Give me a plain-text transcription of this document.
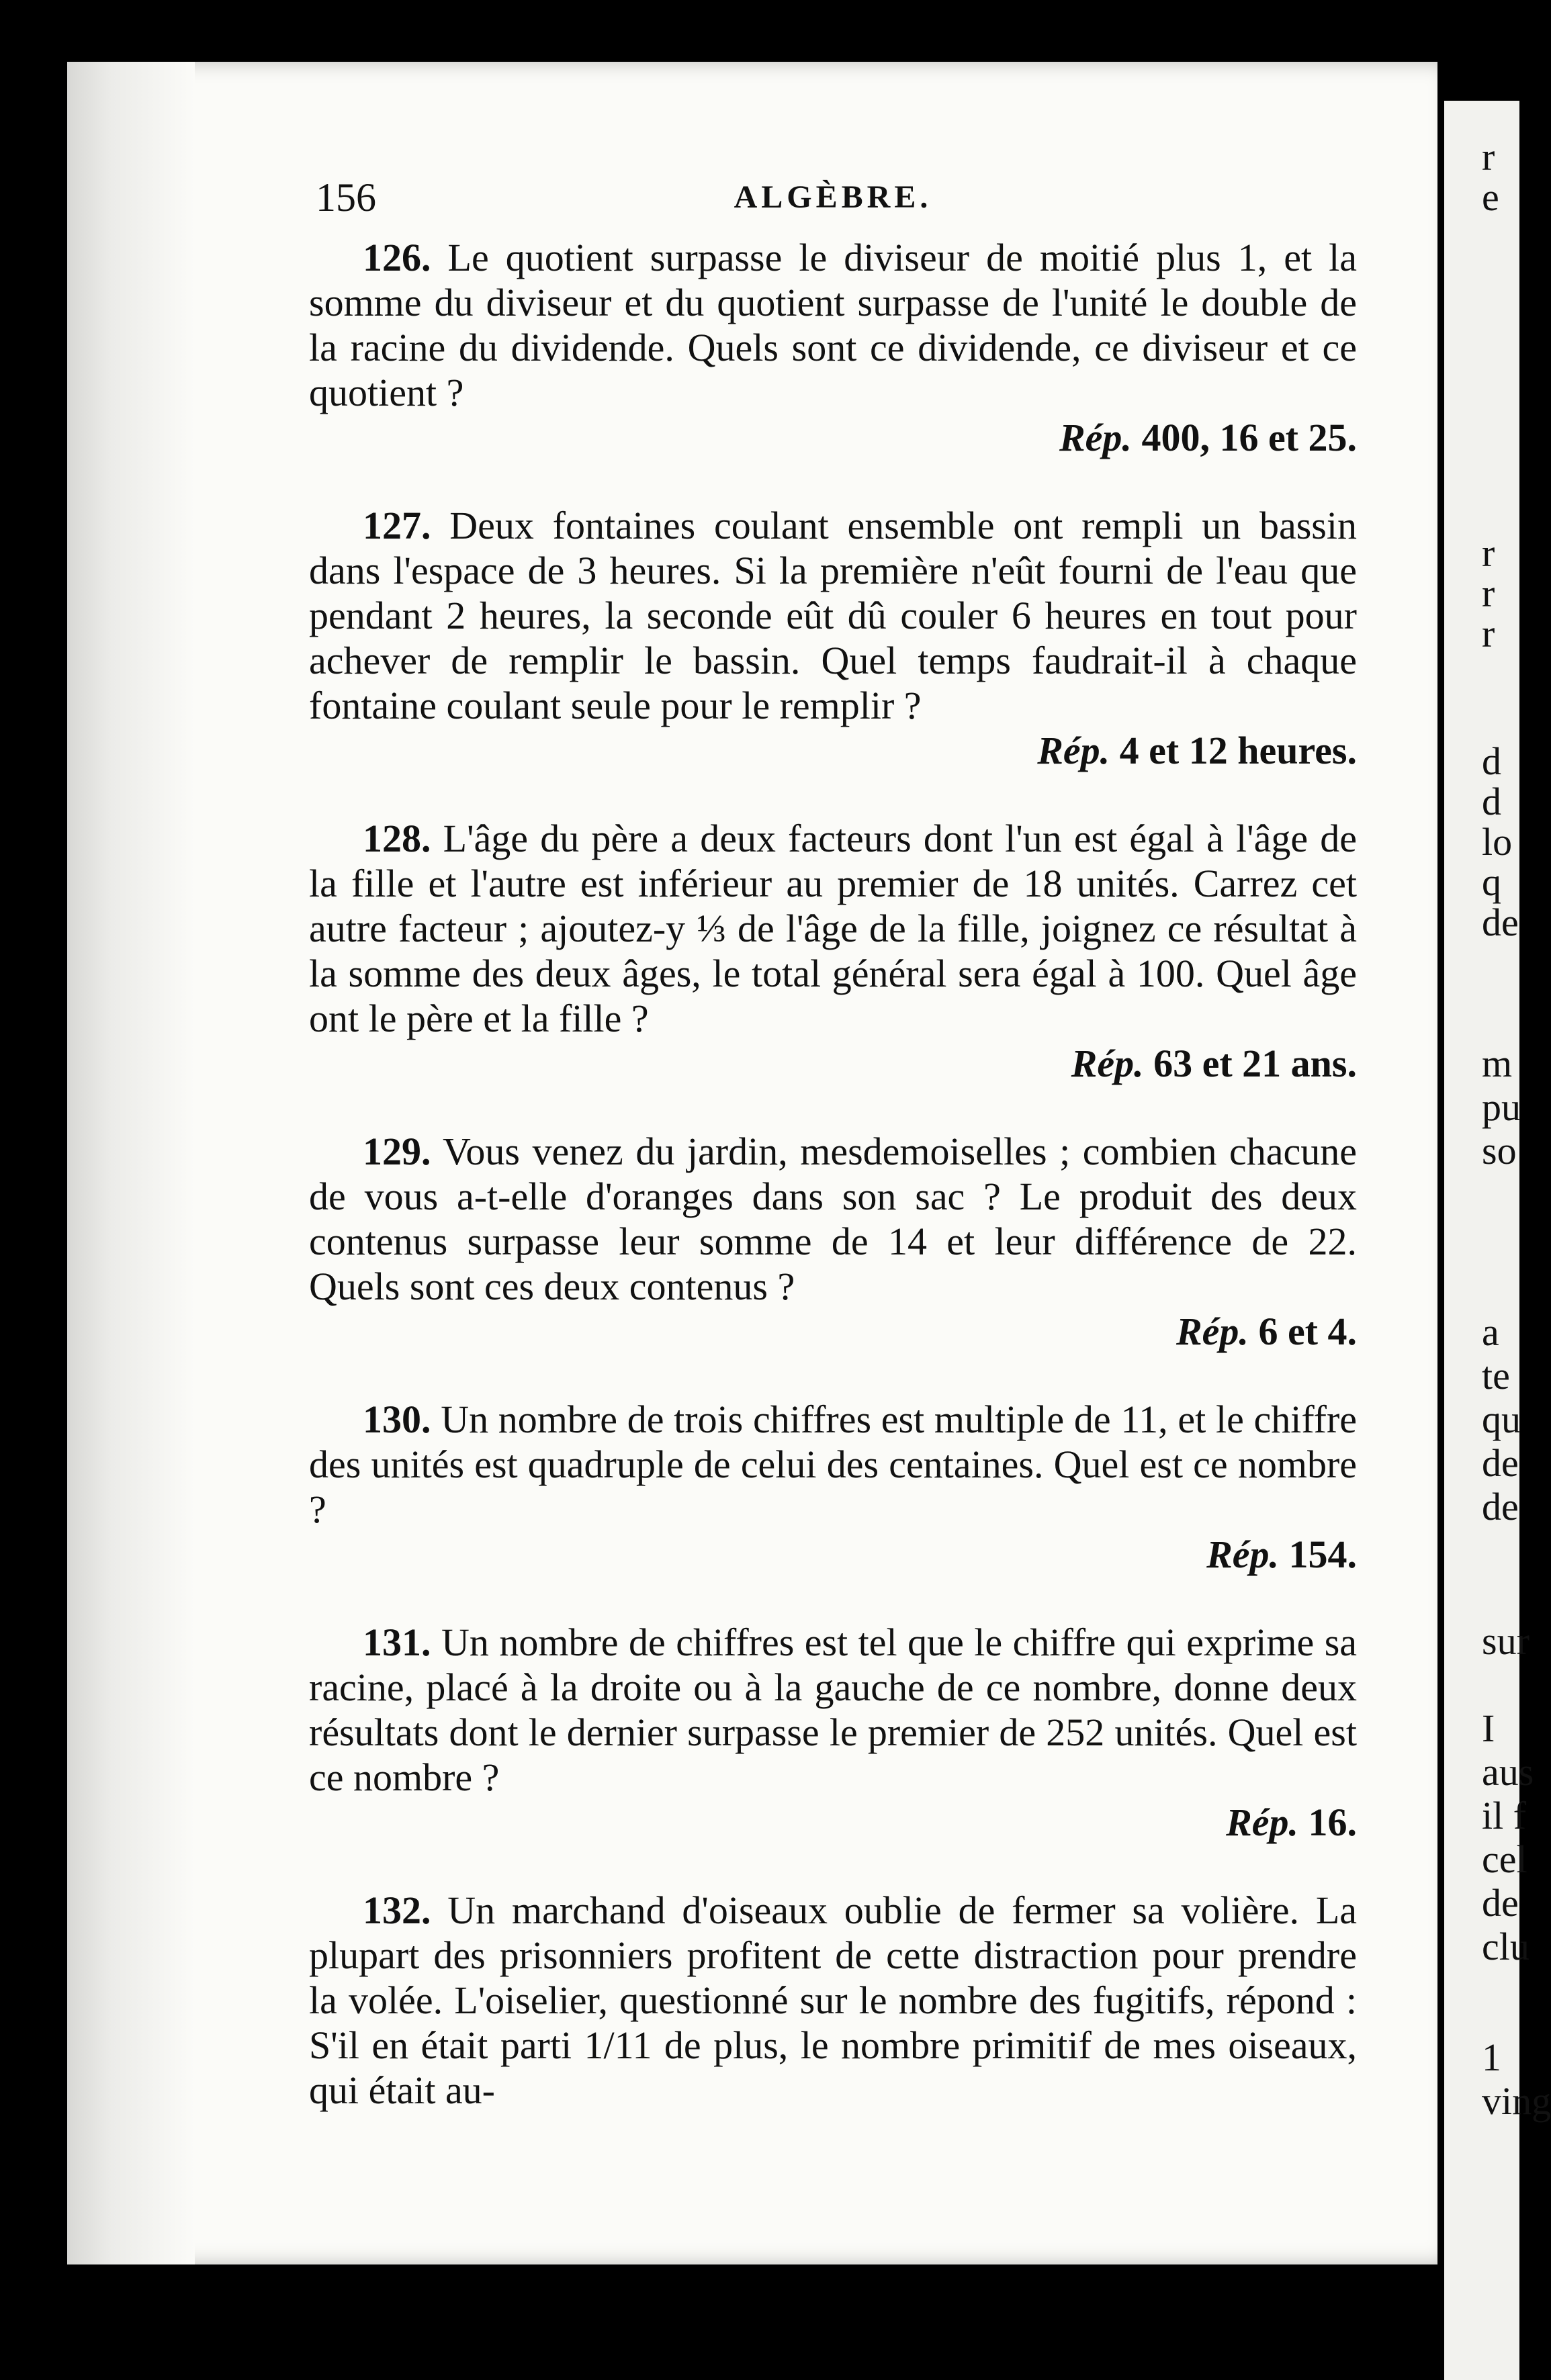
r
e
r
r
r
d
d
lo
q
de
m
pu
so
a
te
qu
de
de
sur
I
aus
il f
cel
de
clu
1
ving
156	ALGÈBRE.

126. Le quotient surpasse le diviseur de moitié plus 1, et la somme du diviseur et du quotient surpasse de l'unité le double de la racine du dividende. Quels sont ce dividende, ce diviseur et ce quotient ?
Rép. 400, 16 et 25.

127. Deux fontaines coulant ensemble ont rempli un bassin dans l'espace de 3 heures. Si la première n'eût fourni de l'eau que pendant 2 heures, la seconde eût dû couler 6 heures en tout pour achever de remplir le bassin. Quel temps faudrait-il à chaque fontaine coulant seule pour le remplir ?
Rép. 4 et 12 heures.

128. L'âge du père a deux facteurs dont l'un est égal à l'âge de la fille et l'autre est inférieur au premier de 18 unités. Carrez cet autre facteur ; ajoutez-y ⅓ de l'âge de la fille, joignez ce résultat à la somme des deux âges, le total général sera égal à 100. Quel âge ont le père et la fille ?
Rép. 63 et 21 ans.

129. Vous venez du jardin, mesdemoiselles ; combien chacune de vous a-t-elle d'oranges dans son sac ? Le produit des deux contenus surpasse leur somme de 14 et leur différence de 22. Quels sont ces deux contenus ?
Rép. 6 et 4.

130. Un nombre de trois chiffres est multiple de 11, et le chiffre des unités est quadruple de celui des centaines. Quel est ce nombre ?
Rép. 154.

131. Un nombre de chiffres est tel que le chiffre qui exprime sa racine, placé à la droite ou à la gauche de ce nombre, donne deux résultats dont le dernier surpasse le premier de 252 unités. Quel est ce nombre ?
Rép. 16.

132. Un marchand d'oiseaux oublie de fermer sa volière. La plupart des prisonniers profitent de cette distraction pour prendre la volée. L'oiselier, questionné sur le nombre des fugitifs, répond : S'il en était parti 1/11 de plus, le nombre primitif de mes oiseaux, qui était au-
